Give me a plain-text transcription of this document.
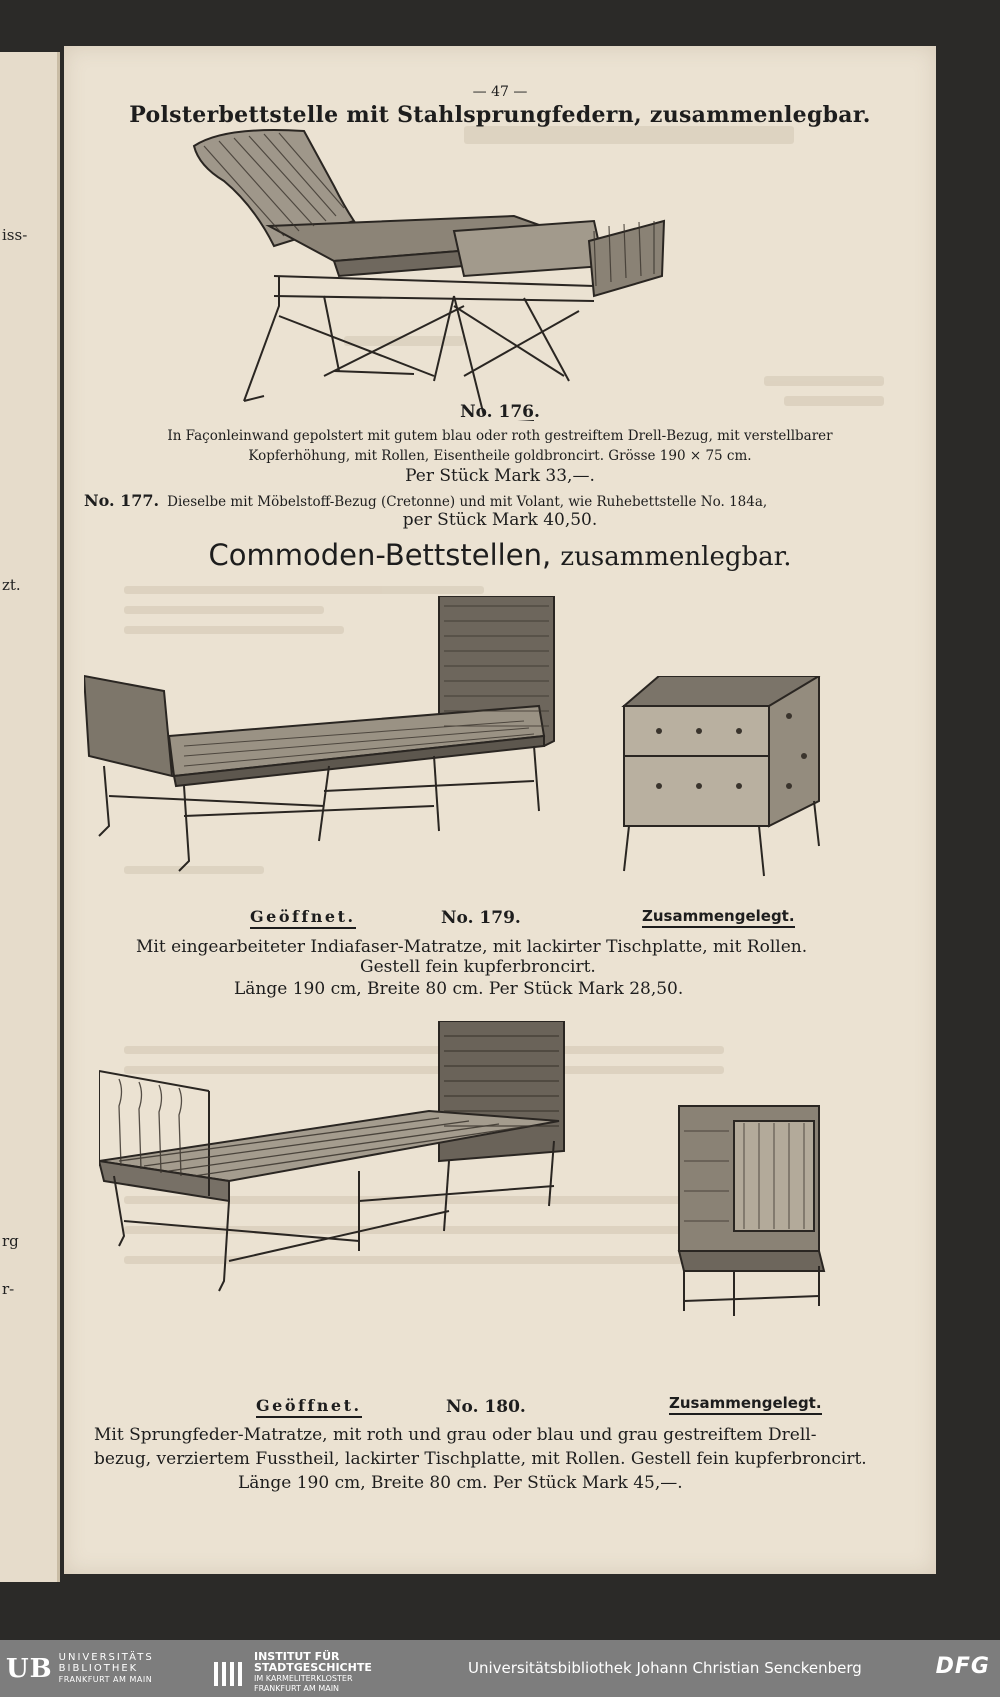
iss-
zt.
rg
r-
— 47 —
Polsterbettstelle mit Stahlsprungfedern, zusammenlegbar.
No. 176.
In Façonleinwand gepolstert mit gutem blau oder roth gestreiftem Drell-Bezug, mit verstellbarer
Kopferhöhung, mit Rollen, Eisentheile goldbroncirt. Grösse 190 × 75 cm.
Per Stück Mark 33,—.
No. 177. Dieselbe mit Möbelstoff-Bezug (Cretonne) und mit Volant, wie Ruhebettstelle No. 184a,
per Stück Mark 40,50.
Commoden-Bettstellen, zusammenlegbar.
Geöffnet.	No. 179.	Zusammengelegt.
Mit eingearbeiteter Indiafaser-Matratze, mit lackirter Tischplatte, mit Rollen.
Gestell fein kupferbroncirt.
Länge 190 cm, Breite 80 cm. Per Stück Mark 28,50.
Geöffnet.	No. 180.	Zusammengelegt.
Mit Sprungfeder-Matratze, mit roth und grau oder blau und grau gestreiftem Drell-
bezug, verziertem Fusstheil, lackirter Tischplatte, mit Rollen. Gestell fein kupferbroncirt.
Länge 190 cm, Breite 80 cm. Per Stück Mark 45,—.
UB UNIVERSITÄTS
BIBLIOTHEK
FRANKFURT AM MAIN
INSTITUT FÜR
STADTGESCHICHTE
IM KARMELITERKLOSTER
FRANKFURT AM MAIN
Universitätsbibliothek Johann Christian Senckenberg	DFG
